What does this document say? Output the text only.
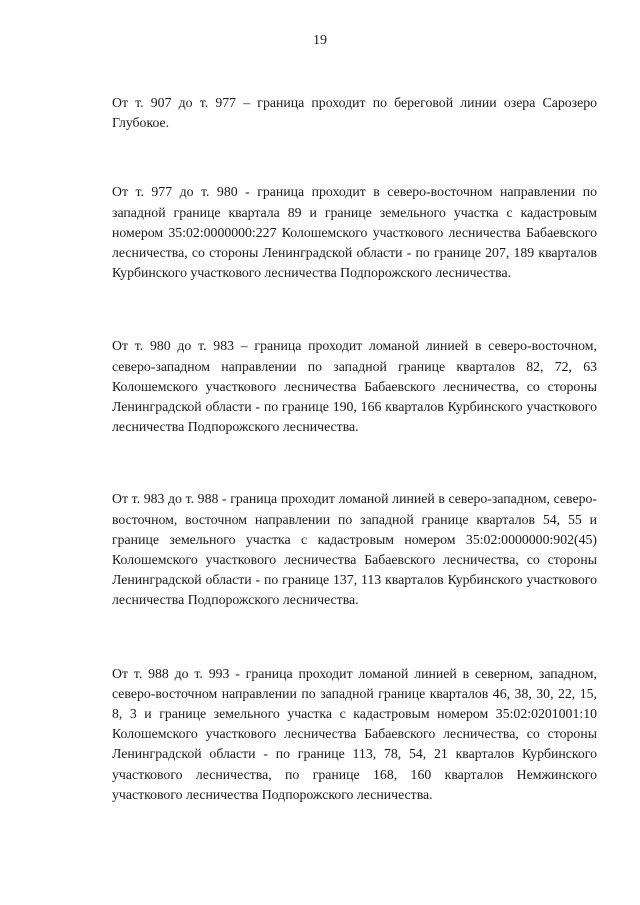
19

От т. 907 до т. 977 – граница проходит по береговой линии озера Сарозеро Глубокое.

От т. 977 до т. 980 - граница проходит в северо-восточном направлении по западной границе квартала 89 и границе земельного участка с кадастровым номером 35:02:0000000:227 Колошемского участкового лесничества Бабаевского лесничества, со стороны Ленинградской области - по границе 207, 189 кварталов Курбинского участкового лесничества Подпорожского лесничества.

От т. 980 до т. 983 – граница проходит ломаной линией в северо-восточном, северо-западном направлении по западной границе кварталов 82, 72, 63 Колошемского участкового лесничества Бабаевского лесничества, со стороны Ленинградской области - по границе 190, 166 кварталов Курбинского участкового лесничества Подпорожского лесничества.

От т. 983 до т. 988 - граница проходит ломаной линией в северо-западном, северо-восточном, восточном направлении по западной границе кварталов 54, 55 и границе земельного участка с кадастровым номером 35:02:0000000:902(45) Колошемского участкового лесничества Бабаевского лесничества, со стороны Ленинградской области - по границе 137, 113 кварталов Курбинского участкового лесничества Подпорожского лесничества.

От т. 988 до т. 993 - граница проходит ломаной линией в северном, западном, северо-восточном направлении по западной границе кварталов 46, 38, 30, 22, 15, 8, 3 и границе земельного участка с кадастровым номером 35:02:0201001:10 Колошемского участкового лесничества Бабаевского лесничества, со стороны Ленинградской области - по границе 113, 78, 54, 21 кварталов Курбинского участкового лесничества, по границе 168, 160 кварталов Немжинского участкового лесничества Подпорожского лесничества.
